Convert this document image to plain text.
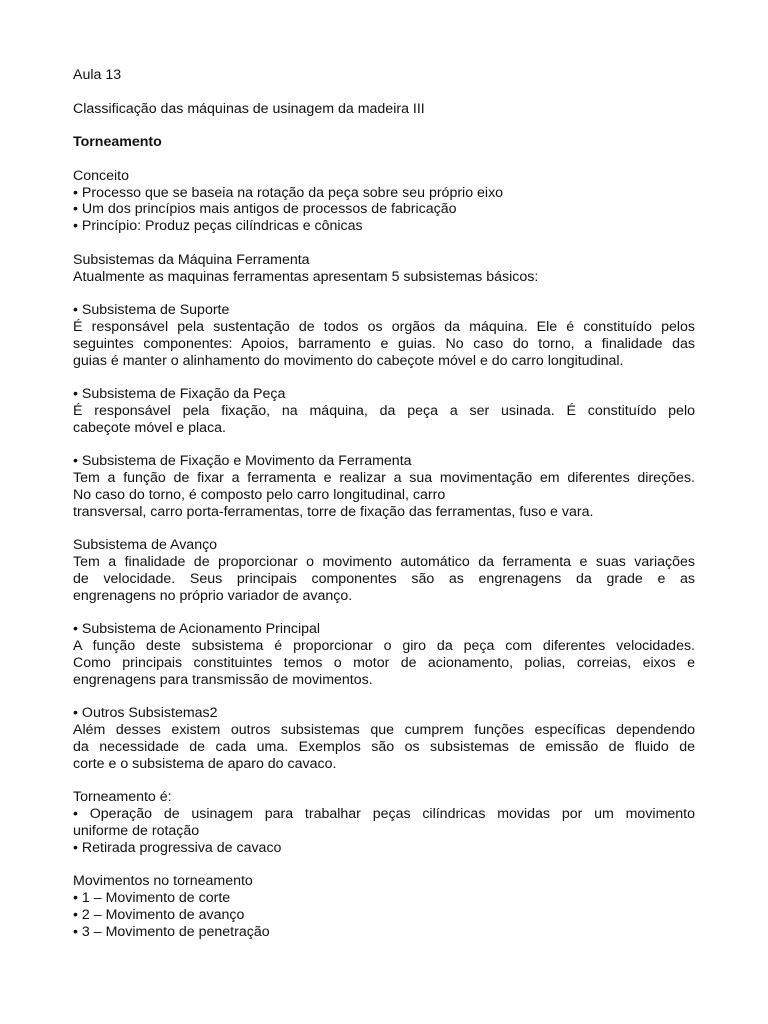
Aula 13
Classificação das máquinas de usinagem da madeira III
Torneamento
Conceito
• Processo que se baseia na rotação da peça sobre seu próprio eixo
• Um dos princípios mais antigos de processos de fabricação
• Princípio: Produz peças cilíndricas e cônicas
Subsistemas da Máquina Ferramenta
Atualmente as maquinas ferramentas apresentam 5 subsistemas básicos:
• Subsistema de Suporte
É responsável pela sustentação de todos os orgãos da máquina. Ele é constituído pelos
seguintes componentes: Apoios, barramento e guias. No caso do torno, a finalidade das
guias é manter o alinhamento do movimento do cabeçote móvel e do carro longitudinal.
• Subsistema de Fixação da Peça
É responsável pela fixação, na máquina, da peça a ser usinada. É constituído pelo
cabeçote móvel e placa.
• Subsistema de Fixação e Movimento da Ferramenta
Tem a função de fixar a ferramenta e realizar a sua movimentação em diferentes direções.
No caso do torno, é composto pelo carro longitudinal, carro
transversal, carro porta-ferramentas, torre de fixação das ferramentas, fuso e vara.
Subsistema de Avanço
Tem a finalidade de proporcionar o movimento automático da ferramenta e suas variações
de velocidade. Seus principais componentes são as engrenagens da grade e as
engrenagens no próprio variador de avanço.
• Subsistema de Acionamento Principal
A função deste subsistema é proporcionar o giro da peça com diferentes velocidades.
Como principais constituintes temos o motor de acionamento, polias, correias, eixos e
engrenagens para transmissão de movimentos.
• Outros Subsistemas2
Além desses existem outros subsistemas que cumprem funções específicas dependendo
da necessidade de cada uma. Exemplos são os subsistemas de emissão de fluido de
corte e o subsistema de aparo do cavaco.
Torneamento é:
• Operação de usinagem para trabalhar peças cilíndricas movidas por um movimento
uniforme de rotação
• Retirada progressiva de cavaco
Movimentos no torneamento
• 1 – Movimento de corte
• 2 – Movimento de avanço
• 3 – Movimento de penetração
